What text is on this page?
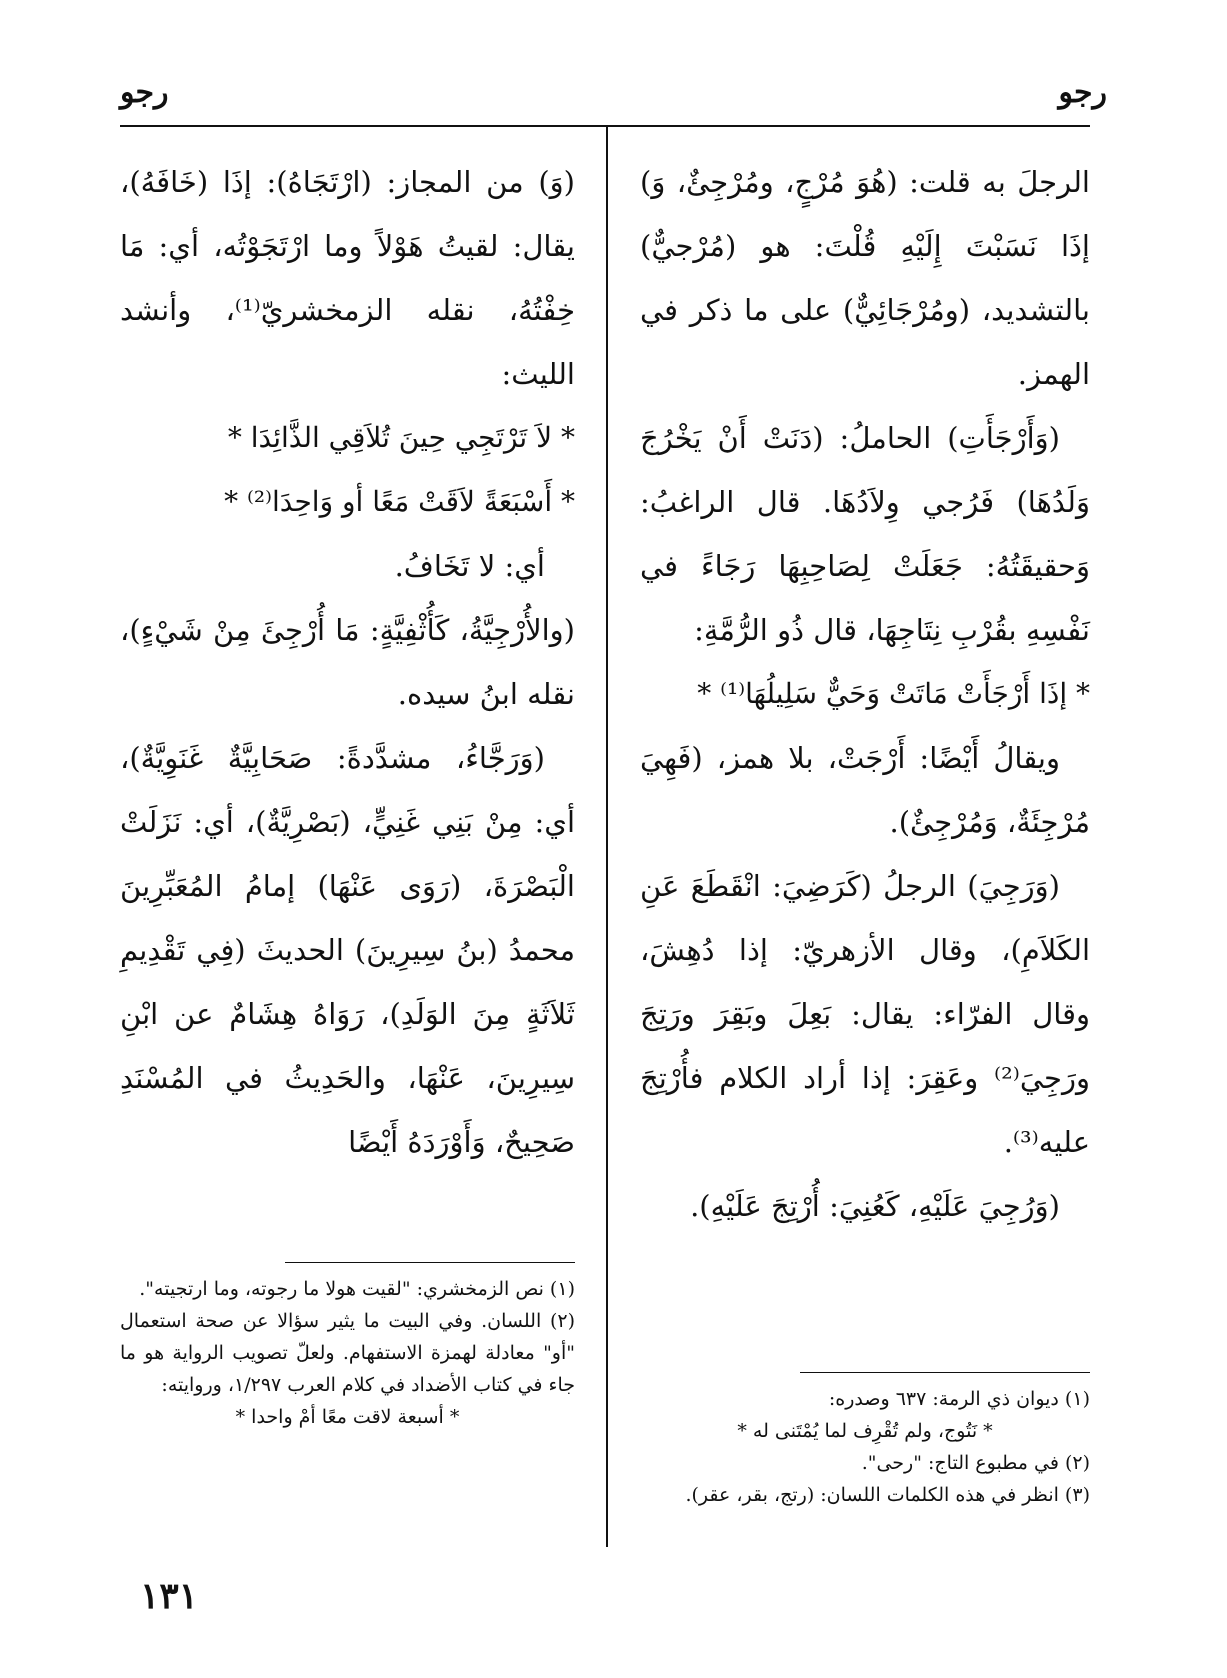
رجو
رجو

الرجلَ به قلت: (هُوَ مُرْجٍ، ومُرْجِئٌ، وَ) إذَا نَسَبْتَ إِلَيْهِ قُلْتَ: هو (مُرْجيٌّ) بالتشديد، (ومُرْجَائِيٌّ) على ما ذكر في الهمز.

(وَأَرْجَأَتِ) الحاملُ: (دَنَتْ أَنْ يَخْرُجَ وَلَدُهَا) فَرُجي وِلاَدُهَا. قال الراغبُ: وَحقيقَتُهُ: جَعَلَتْ لِصَاحِبِهَا رَجَاءً في نَفْسِهِ بقُرْبِ نِتَاجِهَا، قال ذُو الرُّمَّةِ:

* إذَا أَرْجَأَتْ مَاتَتْ وَحَيٌّ سَلِيلُهَا⁽¹⁾ *

ويقالُ أَيْضًا: أَرْجَتْ، بلا همز، (فَهِيَ مُرْجِئَةٌ، وَمُرْجِئٌ).

(وَرَجِيَ) الرجلُ (كَرَضِيَ: انْقَطَعَ عَنِ الكَلاَمِ)، وقال الأزهريّ: إذا دُهِشَ، وقال الفرّاء: يقال: بَعِلَ وبَقِرَ ورَتِجَ ورَجِيَ⁽²⁾ وعَقِرَ: إذا أراد الكلام فأُرْتِجَ عليه⁽³⁾.

(وَرُجِيَ عَلَيْهِ، كَعُنِيَ: أُرْتِجَ عَلَيْهِ).

(١) ديوان ذي الرمة: ٦٣٧ وصدره:

* نَتُوج، ولم تُقْرِف لما يُمْتَنى له *

(٢) في مطبوع التاج: "رحى".

(٣) انظر في هذه الكلمات اللسان: (رتج، بقر، عقر).

(وَ) من المجاز: (ارْتَجَاهُ): إذَا (خَافَهُ)، يقال: لقيتُ هَوْلاً وما ارْتَجَوْتُه، أي: مَا خِفْتُهُ، نقله الزمخشريّ⁽¹⁾، وأنشد الليث:

* لاَ تَرْتَجِي حِينَ تُلاَقِي الذَّائِدَا *

* أَسْبَعَةً لاَقَتْ مَعًا أو وَاحِدَا⁽²⁾ *

أي: لا تَخَافُ.

(والأُرْجِيَّةُ، كَأُثْفِيَّةٍ: مَا أُرْجِئَ مِنْ شَيْءٍ)، نقله ابنُ سيده.

(وَرَجَّاءُ، مشدَّدةً: صَحَابِيَّةٌ غَنَوِيَّةٌ)، أي: مِنْ بَنِي غَنِيٍّ، (بَصْرِيَّةٌ)، أي: نَزَلَتْ الْبَصْرَةَ، (رَوَى عَنْهَا) إمامُ المُعَبِّرِينَ محمدُ (بنُ سِيرِينَ) الحديثَ (فِي تَقْدِيمِ ثَلاَثَةٍ مِنَ الوَلَدِ)، رَوَاهُ هِشَامٌ عن ابْنِ سِيرِينَ، عَنْهَا، والحَدِيثُ في المُسْنَدِ صَحِيحٌ، وَأَوْرَدَهُ أَيْضًا

(١) نص الزمخشري: "لقيت هولا ما رجوته، وما ارتجيته".

(٢) اللسان. وفي البيت ما يثير سؤالا عن صحة استعمال "أو" معادلة لهمزة الاستفهام. ولعلّ تصويب الرواية هو ما جاء في كتاب الأضداد في كلام العرب ١/٢٩٧، وروايته:

* أسبعة لاقت معًا أمْ واحدا *

١٣١
